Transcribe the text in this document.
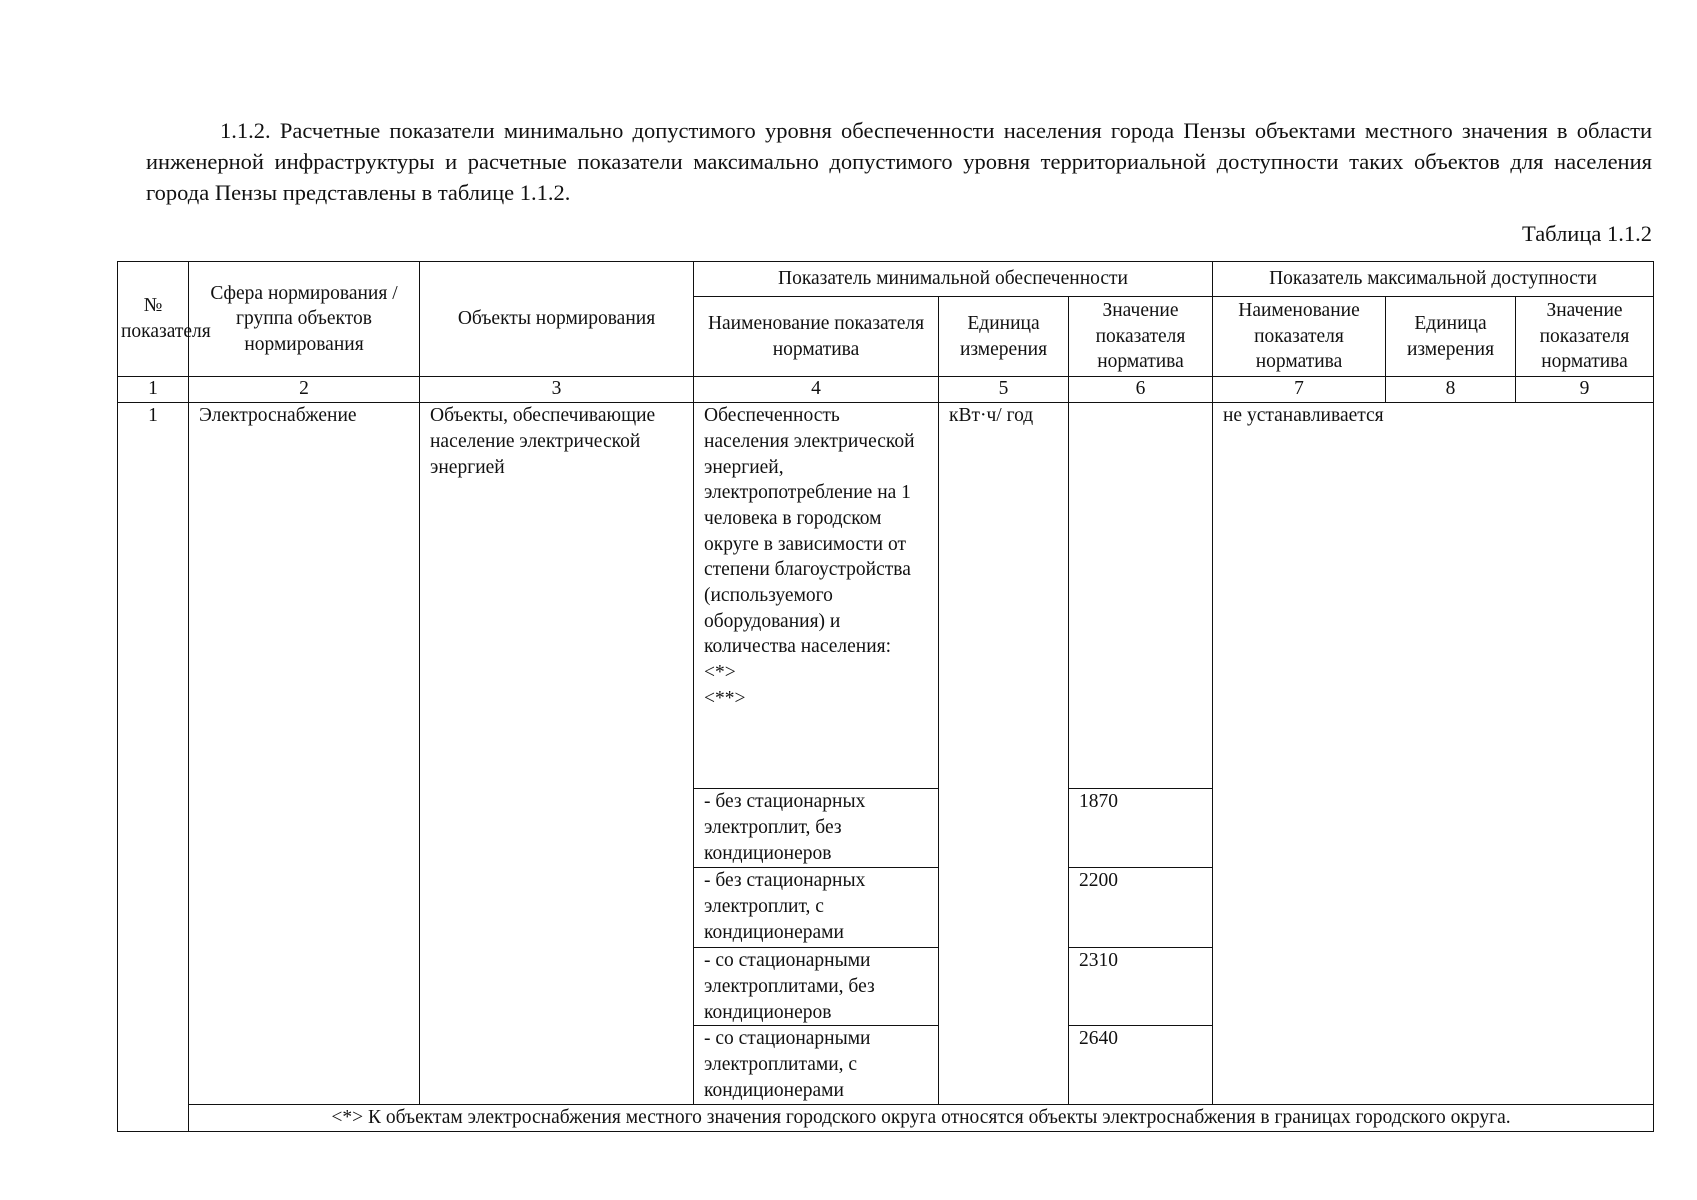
1.1.2. Расчетные показатели минимально допустимого уровня обеспеченности населения города Пензы объектами местного значения в области инженерной инфраструктуры и расчетные показатели максимально допустимого уровня территориальной доступности таких объектов для населения города Пензы представлены в таблице 1.1.2.

Таблица 1.1.2

№ показателя	Сфера нормирования / группа объектов нормирования	Объекты нормирования	Показатель минимальной обеспеченности			Показатель максимальной доступности		
			Наименование показателя норматива	Единица измерения	Значение показателя норматива	Наименование показателя норматива	Единица измерения	Значение показателя норматива
1	2	3	4	5	6	7	8	9
1	Электроснабжение	Объекты, обеспечивающие население электрической энергией	Обеспеченность населения электрической энергией, электропотребление на 1 человека в городском округе в зависимости от степени благоустройства (используемого оборудования) и количества населения:
<*>
<**>	кВт·ч/ год		не устанавливается		
			- без стационарных электроплит, без кондиционеров		1870			
			- без стационарных электроплит, с кондиционерами		2200			
			- со стационарными электроплитами, без кондиционеров		2310			
			- со стационарными электроплитами, с кондиционерами		2640			
	<*> К объектам электроснабжения местного значения городского округа относятся объекты электроснабжения в границах городского округа.							
